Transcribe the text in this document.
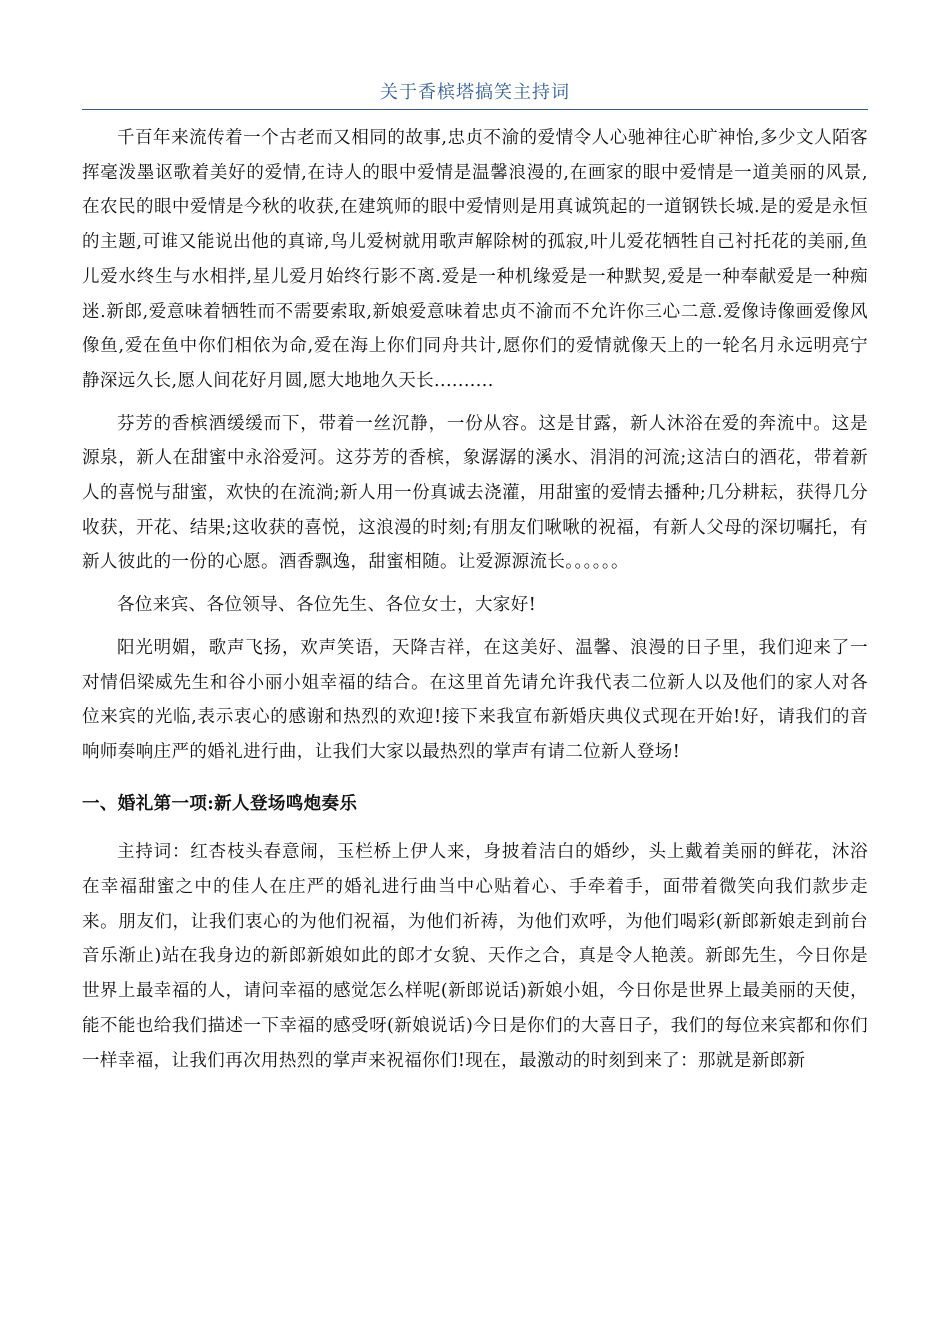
关于香槟塔搞笑主持词

千百年来流传着一个古老而又相同的故事,忠贞不渝的爱情令人心驰神往心旷神怡,多少文人陌客挥毫泼墨讴歌着美好的爱情,在诗人的眼中爱情是温馨浪漫的,在画家的眼中爱情是一道美丽的风景,在农民的眼中爱情是今秋的收获,在建筑师的眼中爱情则是用真诚筑起的一道钢铁长城.是的爱是永恒的主题,可谁又能说出他的真谛,鸟儿爱树就用歌声解除树的孤寂,叶儿爱花牺牲自己衬托花的美丽,鱼儿爱水终生与水相拌,星儿爱月始终行影不离.爱是一种机缘爱是一种默契,爱是一种奉献爱是一种痴迷.新郎,爱意味着牺牲而不需要索取,新娘爱意味着忠贞不渝而不允许你三心二意.爱像诗像画爱像风像鱼,爱在鱼中你们相依为命,爱在海上你们同舟共计,愿你们的爱情就像天上的一轮名月永远明亮宁静深远久长,愿人间花好月圆,愿大地地久天长..........

芬芳的香槟酒缓缓而下，带着一丝沉静，一份从容。这是甘露，新人沐浴在爱的奔流中。这是源泉，新人在甜蜜中永浴爱河。这芬芳的香槟，象潺潺的溪水、涓涓的河流;这洁白的酒花，带着新人的喜悦与甜蜜，欢快的在流淌;新人用一份真诚去浇灌，用甜蜜的爱情去播种;几分耕耘，获得几分收获，开花、结果;这收获的喜悦，这浪漫的时刻;有朋友们啾啾的祝福，有新人父母的深切嘱托，有新人彼此的一份的心愿。酒香飘逸，甜蜜相随。让爱源源流长。。。。。。

各位来宾、各位领导、各位先生、各位女士，大家好!

阳光明媚，歌声飞扬，欢声笑语，天降吉祥，在这美好、温馨、浪漫的日子里，我们迎来了一对情侣梁威先生和谷小丽小姐幸福的结合。在这里首先请允许我代表二位新人以及他们的家人对各位来宾的光临,表示衷心的感谢和热烈的欢迎!接下来我宣布新婚庆典仪式现在开始!好，请我们的音响师奏响庄严的婚礼进行曲，让我们大家以最热烈的掌声有请二位新人登场!

一、婚礼第一项:新人登场鸣炮奏乐

主持词：红杏枝头春意闹，玉栏桥上伊人来，身披着洁白的婚纱，头上戴着美丽的鲜花，沐浴在幸福甜蜜之中的佳人在庄严的婚礼进行曲当中心贴着心、手牵着手，面带着微笑向我们款步走来。朋友们，让我们衷心的为他们祝福，为他们祈祷，为他们欢呼，为他们喝彩(新郎新娘走到前台音乐渐止)站在我身边的新郎新娘如此的郎才女貌、天作之合，真是令人艳羡。新郎先生，今日你是世界上最幸福的人，请问幸福的感觉怎么样呢(新郎说话)新娘小姐，今日你是世界上最美丽的天使，能不能也给我们描述一下幸福的感受呀(新娘说话)今日是你们的大喜日子，我们的每位来宾都和你们一样幸福，让我们再次用热烈的掌声来祝福你们!现在，最激动的时刻到来了：那就是新郎新
